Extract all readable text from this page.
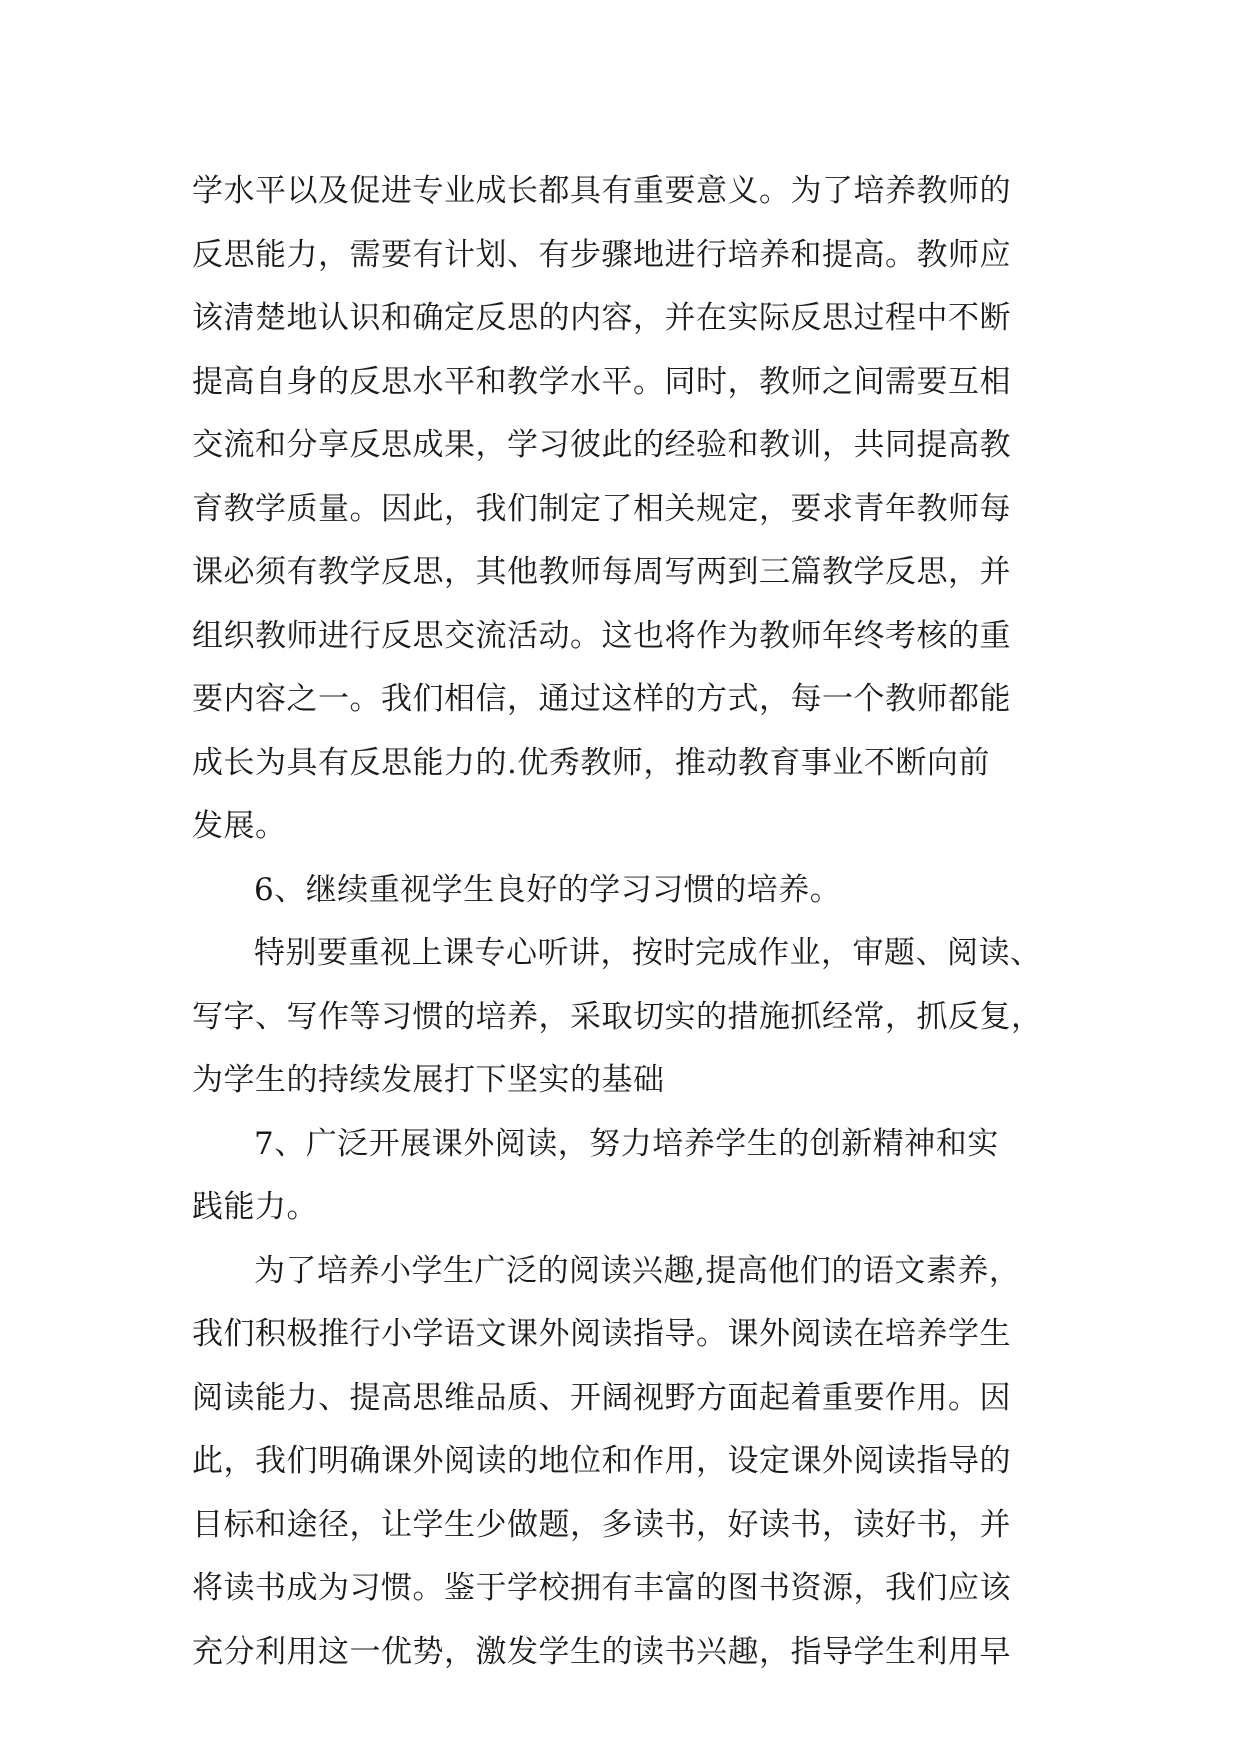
学水平以及促进专业成长都具有重要意义。为了培养教师的
反思能力，需要有计划、有步骤地进行培养和提高。教师应
该清楚地认识和确定反思的内容，并在实际反思过程中不断
提高自身的反思水平和教学水平。同时，教师之间需要互相
交流和分享反思成果，学习彼此的经验和教训，共同提高教
育教学质量。因此，我们制定了相关规定，要求青年教师每
课必须有教学反思，其他教师每周写两到三篇教学反思，并
组织教师进行反思交流活动。这也将作为教师年终考核的重
要内容之一。我们相信，通过这样的方式，每一个教师都能
成长为具有反思能力的.优秀教师，推动教育事业不断向前
发展。
6、继续重视学生良好的学习习惯的培养。
特别要重视上课专心听讲，按时完成作业，审题、阅读、
写字、写作等习惯的培养，采取切实的措施抓经常，抓反复，
为学生的持续发展打下坚实的基础
7、广泛开展课外阅读，努力培养学生的创新精神和实
践能力。
为了培养小学生广泛的阅读兴趣,提高他们的语文素养，
我们积极推行小学语文课外阅读指导。课外阅读在培养学生
阅读能力、提高思维品质、开阔视野方面起着重要作用。因
此，我们明确课外阅读的地位和作用，设定课外阅读指导的
目标和途径，让学生少做题，多读书，好读书，读好书，并
将读书成为习惯。鉴于学校拥有丰富的图书资源，我们应该
充分利用这一优势，激发学生的读书兴趣，指导学生利用早
